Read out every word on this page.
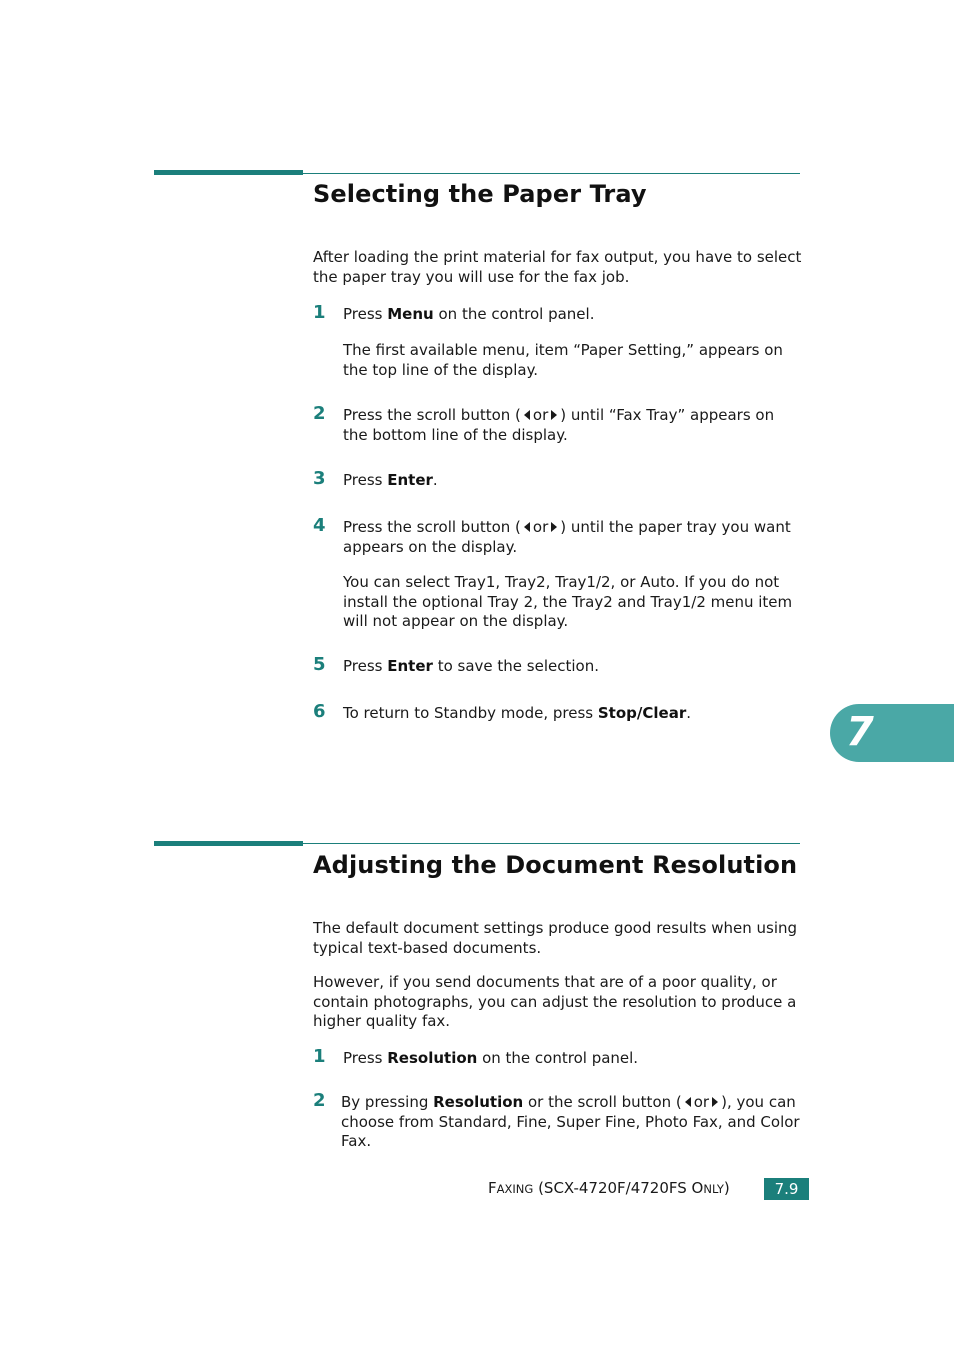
Selecting the Paper Tray

After loading the print material for fax output, you have to select the paper tray you will use for the fax job.

1 Press Menu on the control panel.

The first available menu, item “Paper Setting,” appears on the top line of the display.

2 Press the scroll button ( or ) until “Fax Tray” appears on the bottom line of the display.

3 Press Enter.

4 Press the scroll button ( or ) until the paper tray you want appears on the display.

You can select Tray1, Tray2, Tray1/2, or Auto. If you do not install the optional Tray 2, the Tray2 and Tray1/2 menu item will not appear on the display.

5 Press Enter to save the selection.

6 To return to Standby mode, press Stop/Clear.	7

Adjusting the Document Resolution

The default document settings produce good results when using typical text-based documents.

However, if you send documents that are of a poor quality, or contain photographs, you can adjust the resolution to produce a higher quality fax.

1 Press Resolution on the control panel.

2 By pressing Resolution or the scroll button ( or ), you can choose from Standard, Fine, Super Fine, Photo Fax, and Color Fax.

FAXING (SCX-4720F/4720FS ONLY)	7.9
